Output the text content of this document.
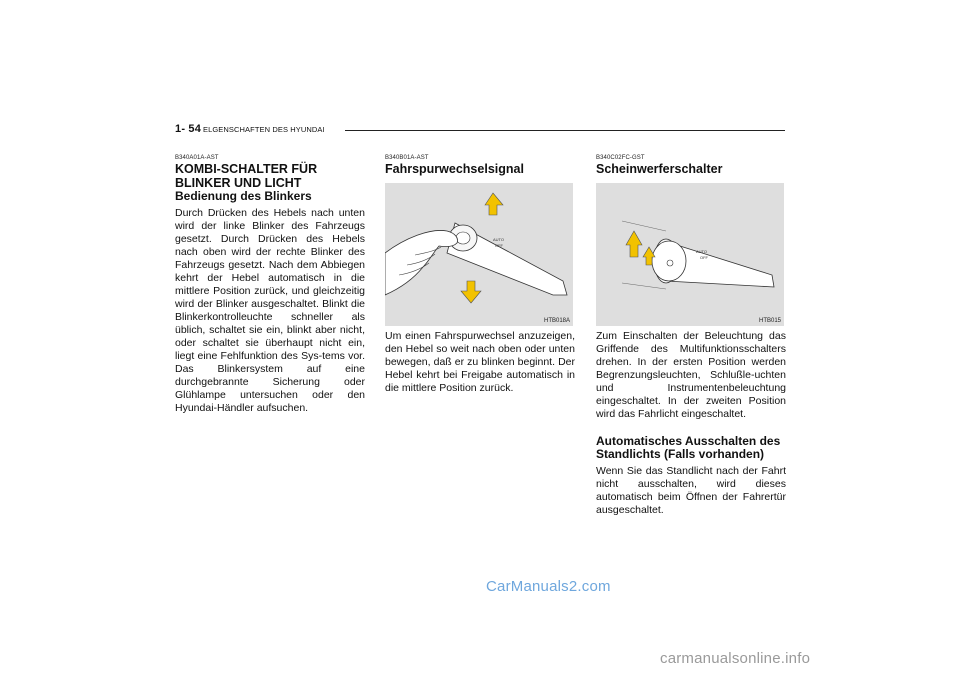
1- 54 ELGENSCHAFTEN DES HYUNDAI
B340A01A-AST
KOMBI-SCHALTER FÜR BLINKER UND LICHT
Bedienung des Blinkers

Durch Drücken des Hebels nach unten wird der linke Blinker des Fahrzeugs gesetzt. Durch Drücken des Hebels nach oben wird der rechte Blinker des Fahrzeugs gesetzt. Nach dem Abbiegen kehrt der Hebel automatisch in die mittlere Position zurück, und gleichzeitig wird der Blinker ausgeschaltet. Blinkt die Blinkerkontrolleuchte schneller als üblich, schaltet sie ein, blinkt aber nicht, oder schaltet sie überhaupt nicht ein, liegt eine Fehlfunktion des Sys-tems vor. Das Blinkersystem auf eine durchgebrannte Sicherung oder Glühlampe untersuchen oder den Hyundai-Händler aufsuchen.

B340B01A-AST
Fahrspurwechselsignal
AUTO
OFF
HTB018A

Um einen Fahrspurwechsel anzuzeigen, den Hebel so weit nach oben oder unten bewegen, daß er zu blinken beginnt. Der Hebel kehrt bei Freigabe automatisch in die mittlere Position zurück.

B340C02FC-GST
Scheinwerferschalter
AUTO
OFF
HTB015

Zum Einschalten der Beleuchtung das Griffende des Multifunktionsschalters drehen. In der ersten Position werden Begrenzungsleuchten, Schlußle-uchten und Instrumentenbeleuchtung eingeschaltet. In der zweiten Position wird das Fahrlicht eingeschaltet.

Automatisches Ausschalten des Standlichts (Falls vorhanden)

Wenn Sie das Standlicht nach der Fahrt nicht ausschalten, wird dieses automatisch beim Öffnen der Fahrertür ausgeschaltet.

CarManuals2.com
carmanualsonline.info
